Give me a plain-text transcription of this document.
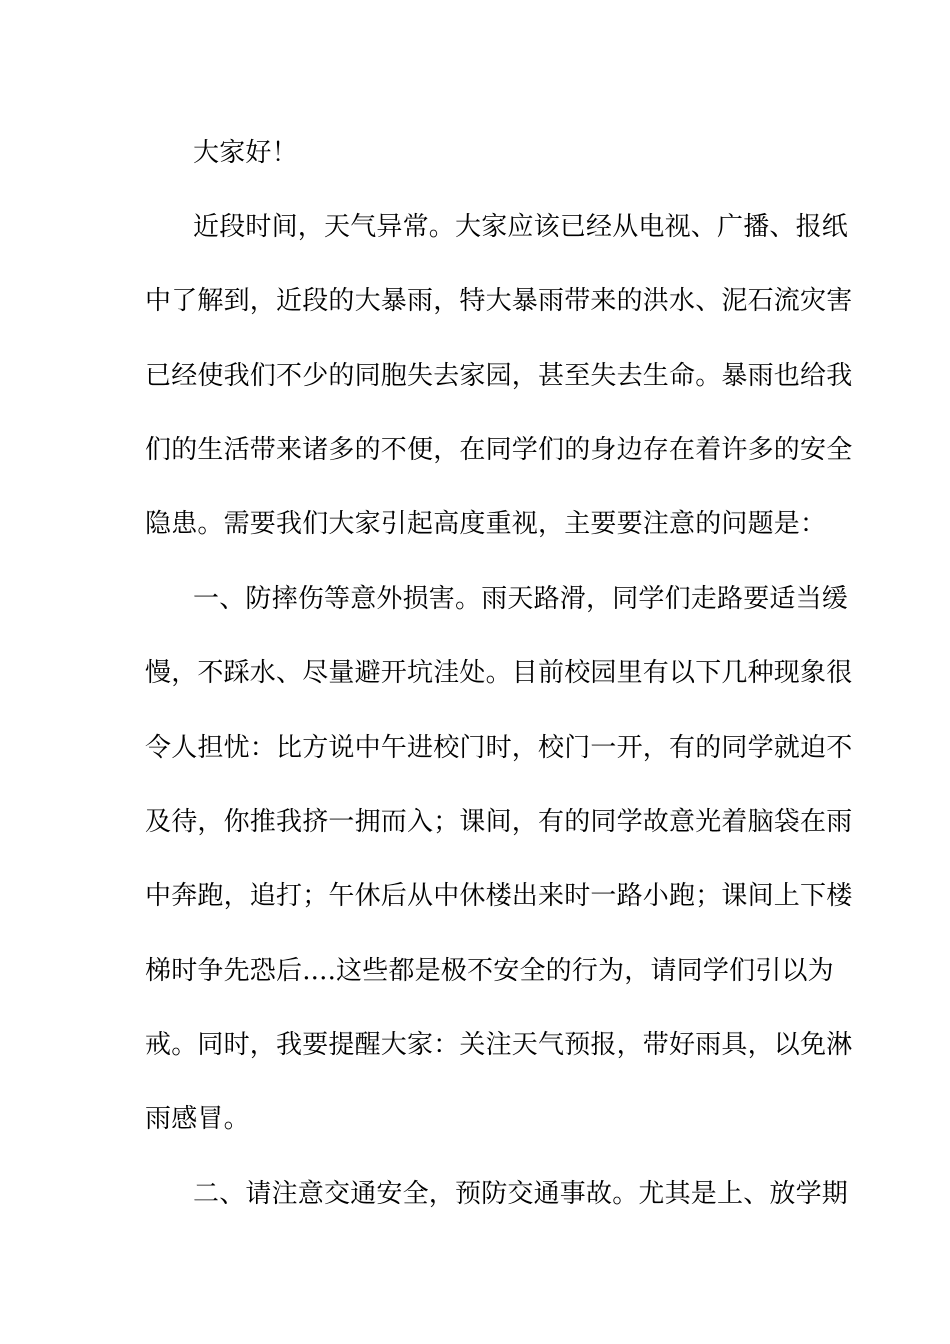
大家好！
近段时间，天气异常。大家应该已经从电视、广播、报纸
中了解到，近段的大暴雨，特大暴雨带来的洪水、泥石流灾害
已经使我们不少的同胞失去家园，甚至失去生命。暴雨也给我
们的生活带来诸多的不便，在同学们的身边存在着许多的安全
隐患。需要我们大家引起高度重视，主要要注意的问题是：
一、防摔伤等意外损害。雨天路滑，同学们走路要适当缓
慢，不踩水、尽量避开坑洼处。目前校园里有以下几种现象很
令人担忧：比方说中午进校门时，校门一开，有的同学就迫不
及待，你推我挤一拥而入；课间，有的同学故意光着脑袋在雨
中奔跑，追打；午休后从中休楼出来时一路小跑；课间上下楼
梯时争先恐后....这些都是极不安全的行为，请同学们引以为
戒。同时，我要提醒大家：关注天气预报，带好雨具，以免淋
雨感冒。
二、请注意交通安全，预防交通事故。尤其是上、放学期
